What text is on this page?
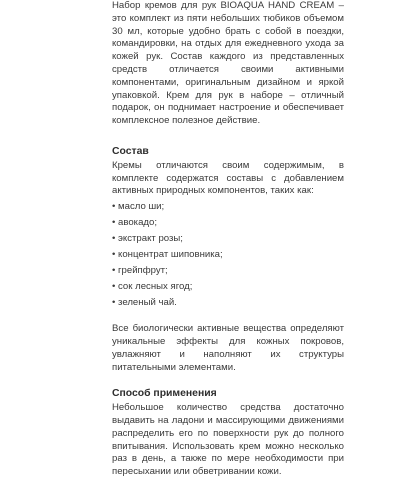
Набор кремов для рук BIOAQUA HAND CREAM – это комплект из пяти небольших тюбиков объемом 30 мл, которые удобно брать с собой в поездки, командировки, на отдых для ежедневного ухода за кожей рук. Состав каждого из представленных средств отличается своими активными компонентами, оригинальным дизайном и яркой упаковкой. Крем для рук в наборе – отличный подарок, он поднимает настроение и обеспечивает комплексное полезное действие.

Состав

Кремы отличаются своим содержимым, в комплекте содержатся составы с добавлением активных природных компонентов, таких как:

• масло ши;
• авокадо;
• экстракт розы;
• концентрат шиповника;
• грейпфрут;
• сок лесных ягод;
• зеленый чай.

Все биологически активные вещества определяют уникальные эффекты для кожных покровов, увлажняют и наполняют их структуры питательными элементами.

Способ применения

Небольшое количество средства достаточно выдавить на ладони и массирующими движениями распределить его по поверхности рук до полного впитывания. Использовать крем можно несколько раз в день, а также по мере необходимости при пересыхании или обветривании кожи.
